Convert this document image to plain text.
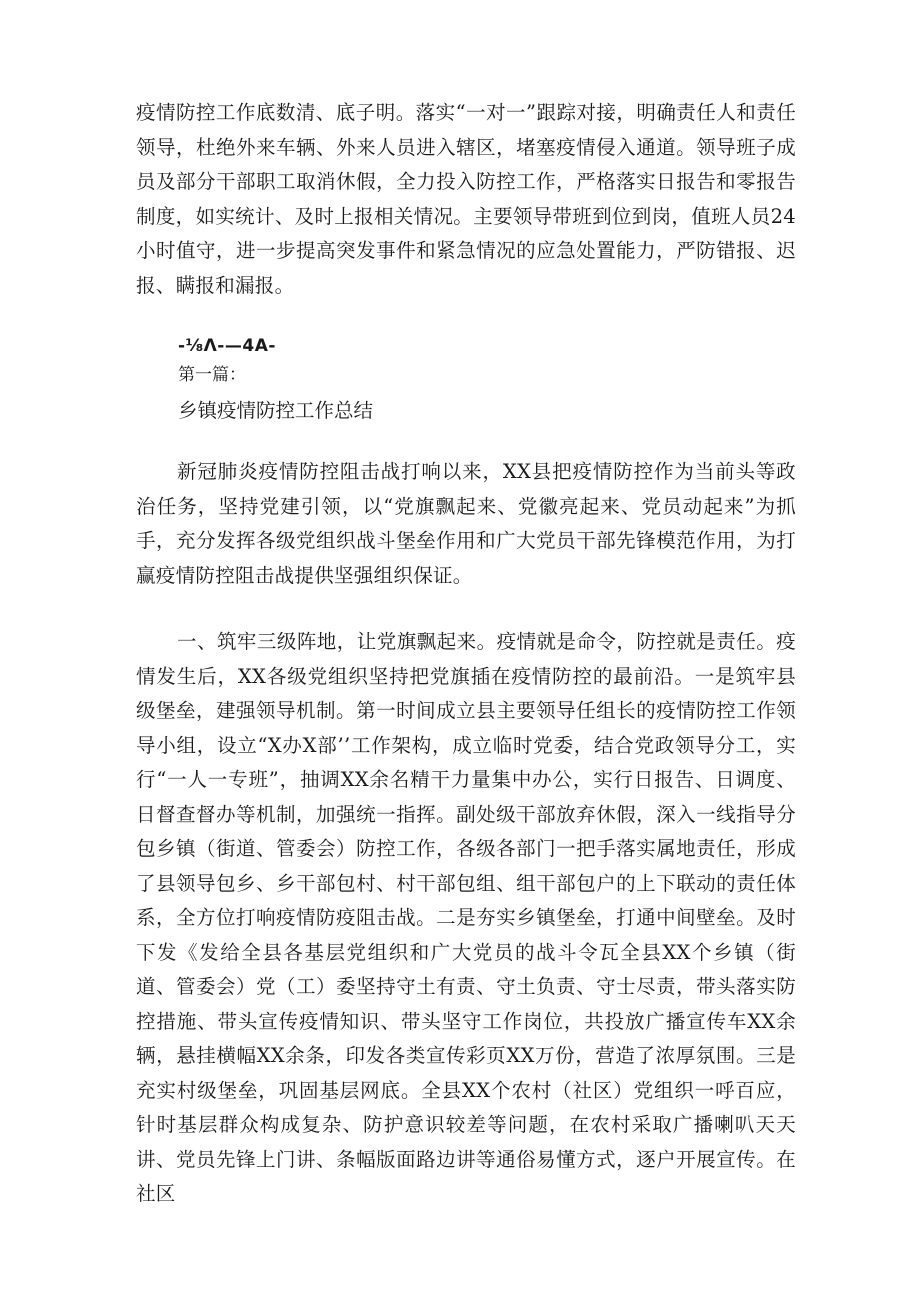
疫情防控工作底数清、底子明。落实“一对一”跟踪对接，明确责任人和责任领导，杜绝外来车辆、外来人员进入辖区，堵塞疫情侵入通道。领导班子成员及部分干部职工取消休假，全力投入防控工作，严格落实日报告和零报告制度，如实统计、及时上报相关情况。主要领导带班到位到岗，值班人员24小时值守，进一步提高突发事件和紧急情况的应急处置能力，严防错报、迟报、瞒报和漏报。

-⅛Λ-—4A-
第一篇：
乡镇疫情防控工作总结

新冠肺炎疫情防控阻击战打响以来，XX县把疫情防控作为当前头等政治任务，坚持党建引领，以“党旗飘起来、党徽亮起来、党员动起来”为抓手，充分发挥各级党组织战斗堡垒作用和广大党员干部先锋模范作用，为打赢疫情防控阻击战提供坚强组织保证。

一、筑牢三级阵地，让党旗飘起来。疫情就是命令，防控就是责任。疫情发生后，XX各级党组织坚持把党旗插在疫情防控的最前沿。一是筑牢县级堡垒，建强领导机制。第一时间成立县主要领导任组长的疫情防控工作领导小组，设立“X办X部’’工作架构，成立临时党委，结合党政领导分工，实行“一人一专班”，抽调XX余名精干力量集中办公，实行日报告、日调度、日督查督办等机制，加强统一指挥。副处级干部放弃休假，深入一线指导分包乡镇（街道、管委会）防控工作，各级各部门一把手落实属地责任，形成了县领导包乡、乡干部包村、村干部包组、组干部包户的上下联动的责任体系，全方位打响疫情防疫阻击战。二是夯实乡镇堡垒，打通中间壁垒。及时下发《发给全县各基层党组织和广大党员的战斗令瓦全县XX个乡镇（街道、管委会）党（工）委坚持守土有责、守土负责、守士尽责，带头落实防控措施、带头宣传疫情知识、带头坚守工作岗位，共投放广播宣传车XX余辆，悬挂横幅XX余条，印发各类宣传彩页XX万份，营造了浓厚氛围。三是充实村级堡垒，巩固基层网底。全县XX个农村（社区）党组织一呼百应，针时基层群众构成复杂、防护意识较差等问题，在农村采取广播喇叭天天讲、党员先锋上门讲、条幅版面路边讲等通俗易懂方式，逐户开展宣传。在社区
